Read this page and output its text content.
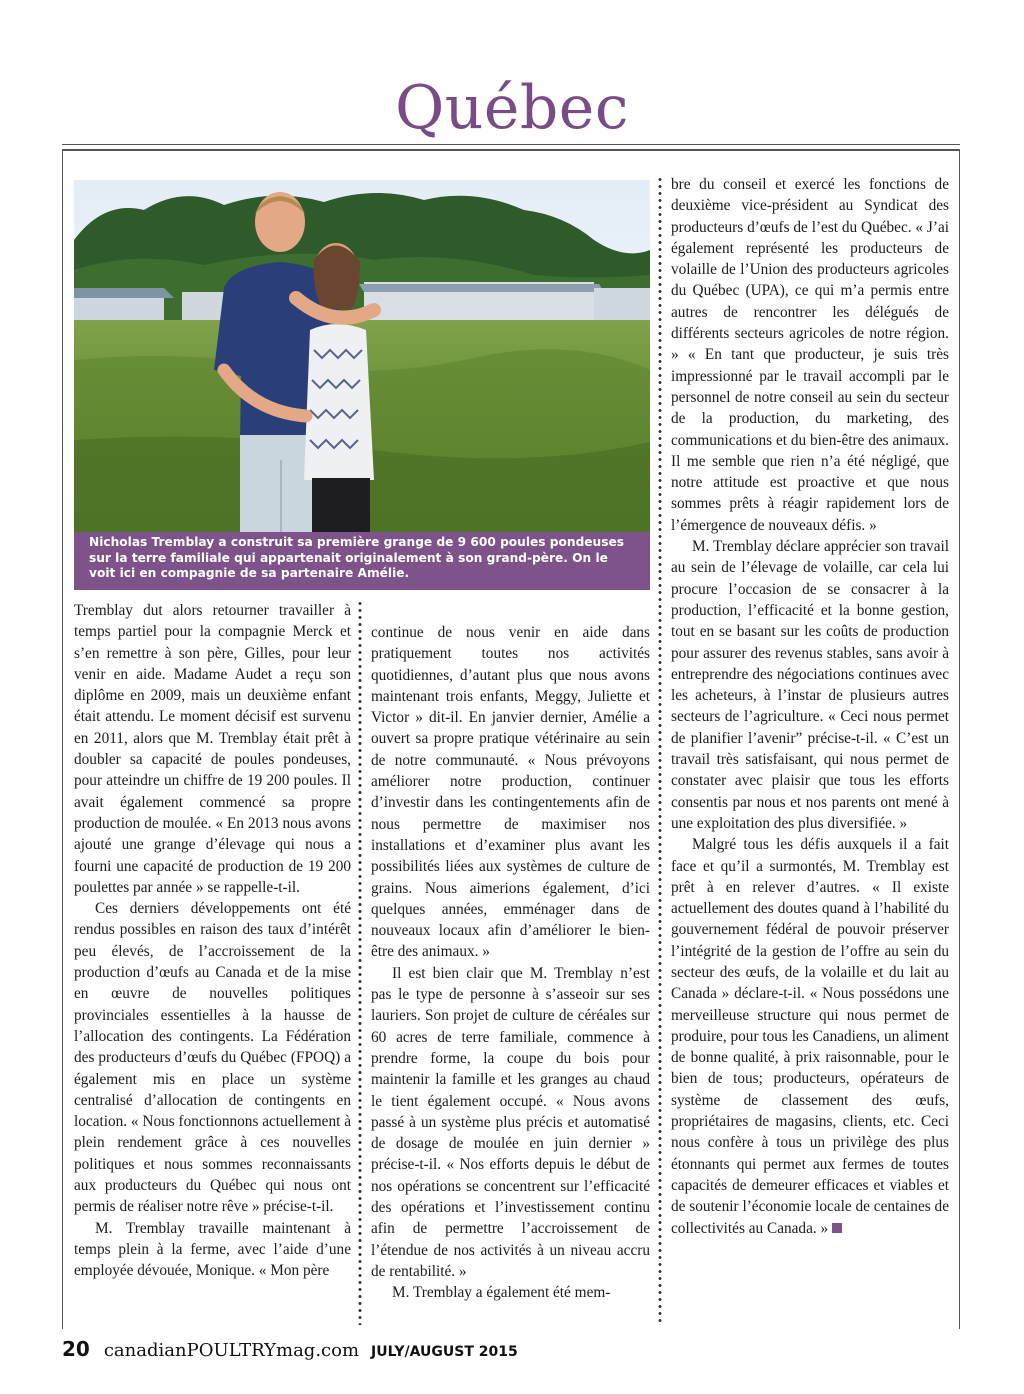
Québec
Nicholas Tremblay a construit sa première grange de 9 600 poules pondeuses sur la terre familiale qui appartenait originalement à son grand-père. On le voit ici en compagnie de sa partenaire Amélie.

Tremblay dut alors retourner travailler à temps partiel pour la compagnie Merck et s’en remettre à son père, Gilles, pour leur venir en aide. Madame Audet a reçu son diplôme en 2009, mais un deuxième enfant était attendu. Le moment décisif est survenu en 2011, alors que M. Tremblay était prêt à doubler sa capacité de poules pondeuses, pour atteindre un chiffre de 19 200 poules. Il avait également commencé sa propre production de moulée. « En 2013 nous avons ajouté une grange d’élevage qui nous a fourni une capacité de production de 19 200 poulettes par année » se rappelle-t-il.

Ces derniers développements ont été rendus possibles en raison des taux d’intérêt peu élevés, de l’accroissement de la production d’œufs au Canada et de la mise en œuvre de nouvelles politiques provinciales essentielles à la hausse de l’allocation des contingents. La Fédération des producteurs d’œufs du Québec (FPOQ) a également mis en place un système centralisé d’allocation de contingents en location. « Nous fonctionnons actuellement à plein rendement grâce à ces nouvelles politiques et nous sommes reconnaissants aux producteurs du Québec qui nous ont permis de réaliser notre rêve » précise-t-il.

M. Tremblay travaille maintenant à temps plein à la ferme, avec l’aide d’une employée dévouée, Monique. « Mon père

continue de nous venir en aide dans pratiquement toutes nos activités quotidiennes, d’autant plus que nous avons maintenant trois enfants, Meggy, Juliette et Victor » dit-il. En janvier dernier, Amélie a ouvert sa propre pratique vétérinaire au sein de notre communauté. « Nous prévoyons améliorer notre production, continuer d’investir dans les contingentements afin de nous permettre de maximiser nos installations et d’examiner plus avant les possibilités liées aux systèmes de culture de grains. Nous aimerions également, d’ici quelques années, emménager dans de nouveaux locaux afin d’améliorer le bien-être des animaux. »

Il est bien clair que M. Tremblay n’est pas le type de personne à s’asseoir sur ses lauriers. Son projet de culture de céréales sur 60 acres de terre familiale, commence à prendre forme, la coupe du bois pour maintenir la famille et les granges au chaud le tient également occupé. « Nous avons passé à un système plus précis et automatisé de dosage de moulée en juin dernier » précise-t-il. « Nos efforts depuis le début de nos opérations se concentrent sur l’efficacité des opérations et l’investissement continu afin de permettre l’accroissement de l’étendue de nos activités à un niveau accru de rentabilité. »

M. Tremblay a également été mem-

bre du conseil et exercé les fonctions de deuxième vice-président au Syndicat des producteurs d’œufs de l’est du Québec. « J’ai également représenté les producteurs de volaille de l’Union des producteurs agricoles du Québec (UPA), ce qui m’a permis entre autres de rencontrer les délégués de différents secteurs agricoles de notre région. » « En tant que producteur, je suis très impressionné par le travail accompli par le personnel de notre conseil au sein du secteur de la production, du marketing, des communications et du bien-être des animaux. Il me semble que rien n’a été négligé, que notre attitude est proactive et que nous sommes prêts à réagir rapidement lors de l’émergence de nouveaux défis. »

M. Tremblay déclare apprécier son travail au sein de l’élevage de volaille, car cela lui procure l’occasion de se consacrer à la production, l’efficacité et la bonne gestion, tout en se basant sur les coûts de production pour assurer des revenus stables, sans avoir à entreprendre des négociations continues avec les acheteurs, à l’instar de plusieurs autres secteurs de l’agriculture. « Ceci nous permet de planifier l’avenir” précise-t-il. « C’est un travail très satisfaisant, qui nous permet de constater avec plaisir que tous les efforts consentis par nous et nos parents ont mené à une exploitation des plus diversifiée. »

Malgré tous les défis auxquels il a fait face et qu’il a surmontés, M. Tremblay est prêt à en relever d’autres. « Il existe actuellement des doutes quand à l’habilité du gouvernement fédéral de pouvoir préserver l’intégrité de la gestion de l’offre au sein du secteur des œufs, de la volaille et du lait au Canada » déclare-t-il. « Nous possédons une merveilleuse structure qui nous permet de produire, pour tous les Canadiens, un aliment de bonne qualité, à prix raisonnable, pour le bien de tous; producteurs, opérateurs de système de classement des œufs, propriétaires de magasins, clients, etc. Ceci nous confère à tous un privilège des plus étonnants qui permet aux fermes de toutes capacités de demeurer efficaces et viables et de soutenir l’économie locale de centaines de collectivités au Canada. »

20 canadianPOULTRYmag.com JULY/AUGUST 2015
